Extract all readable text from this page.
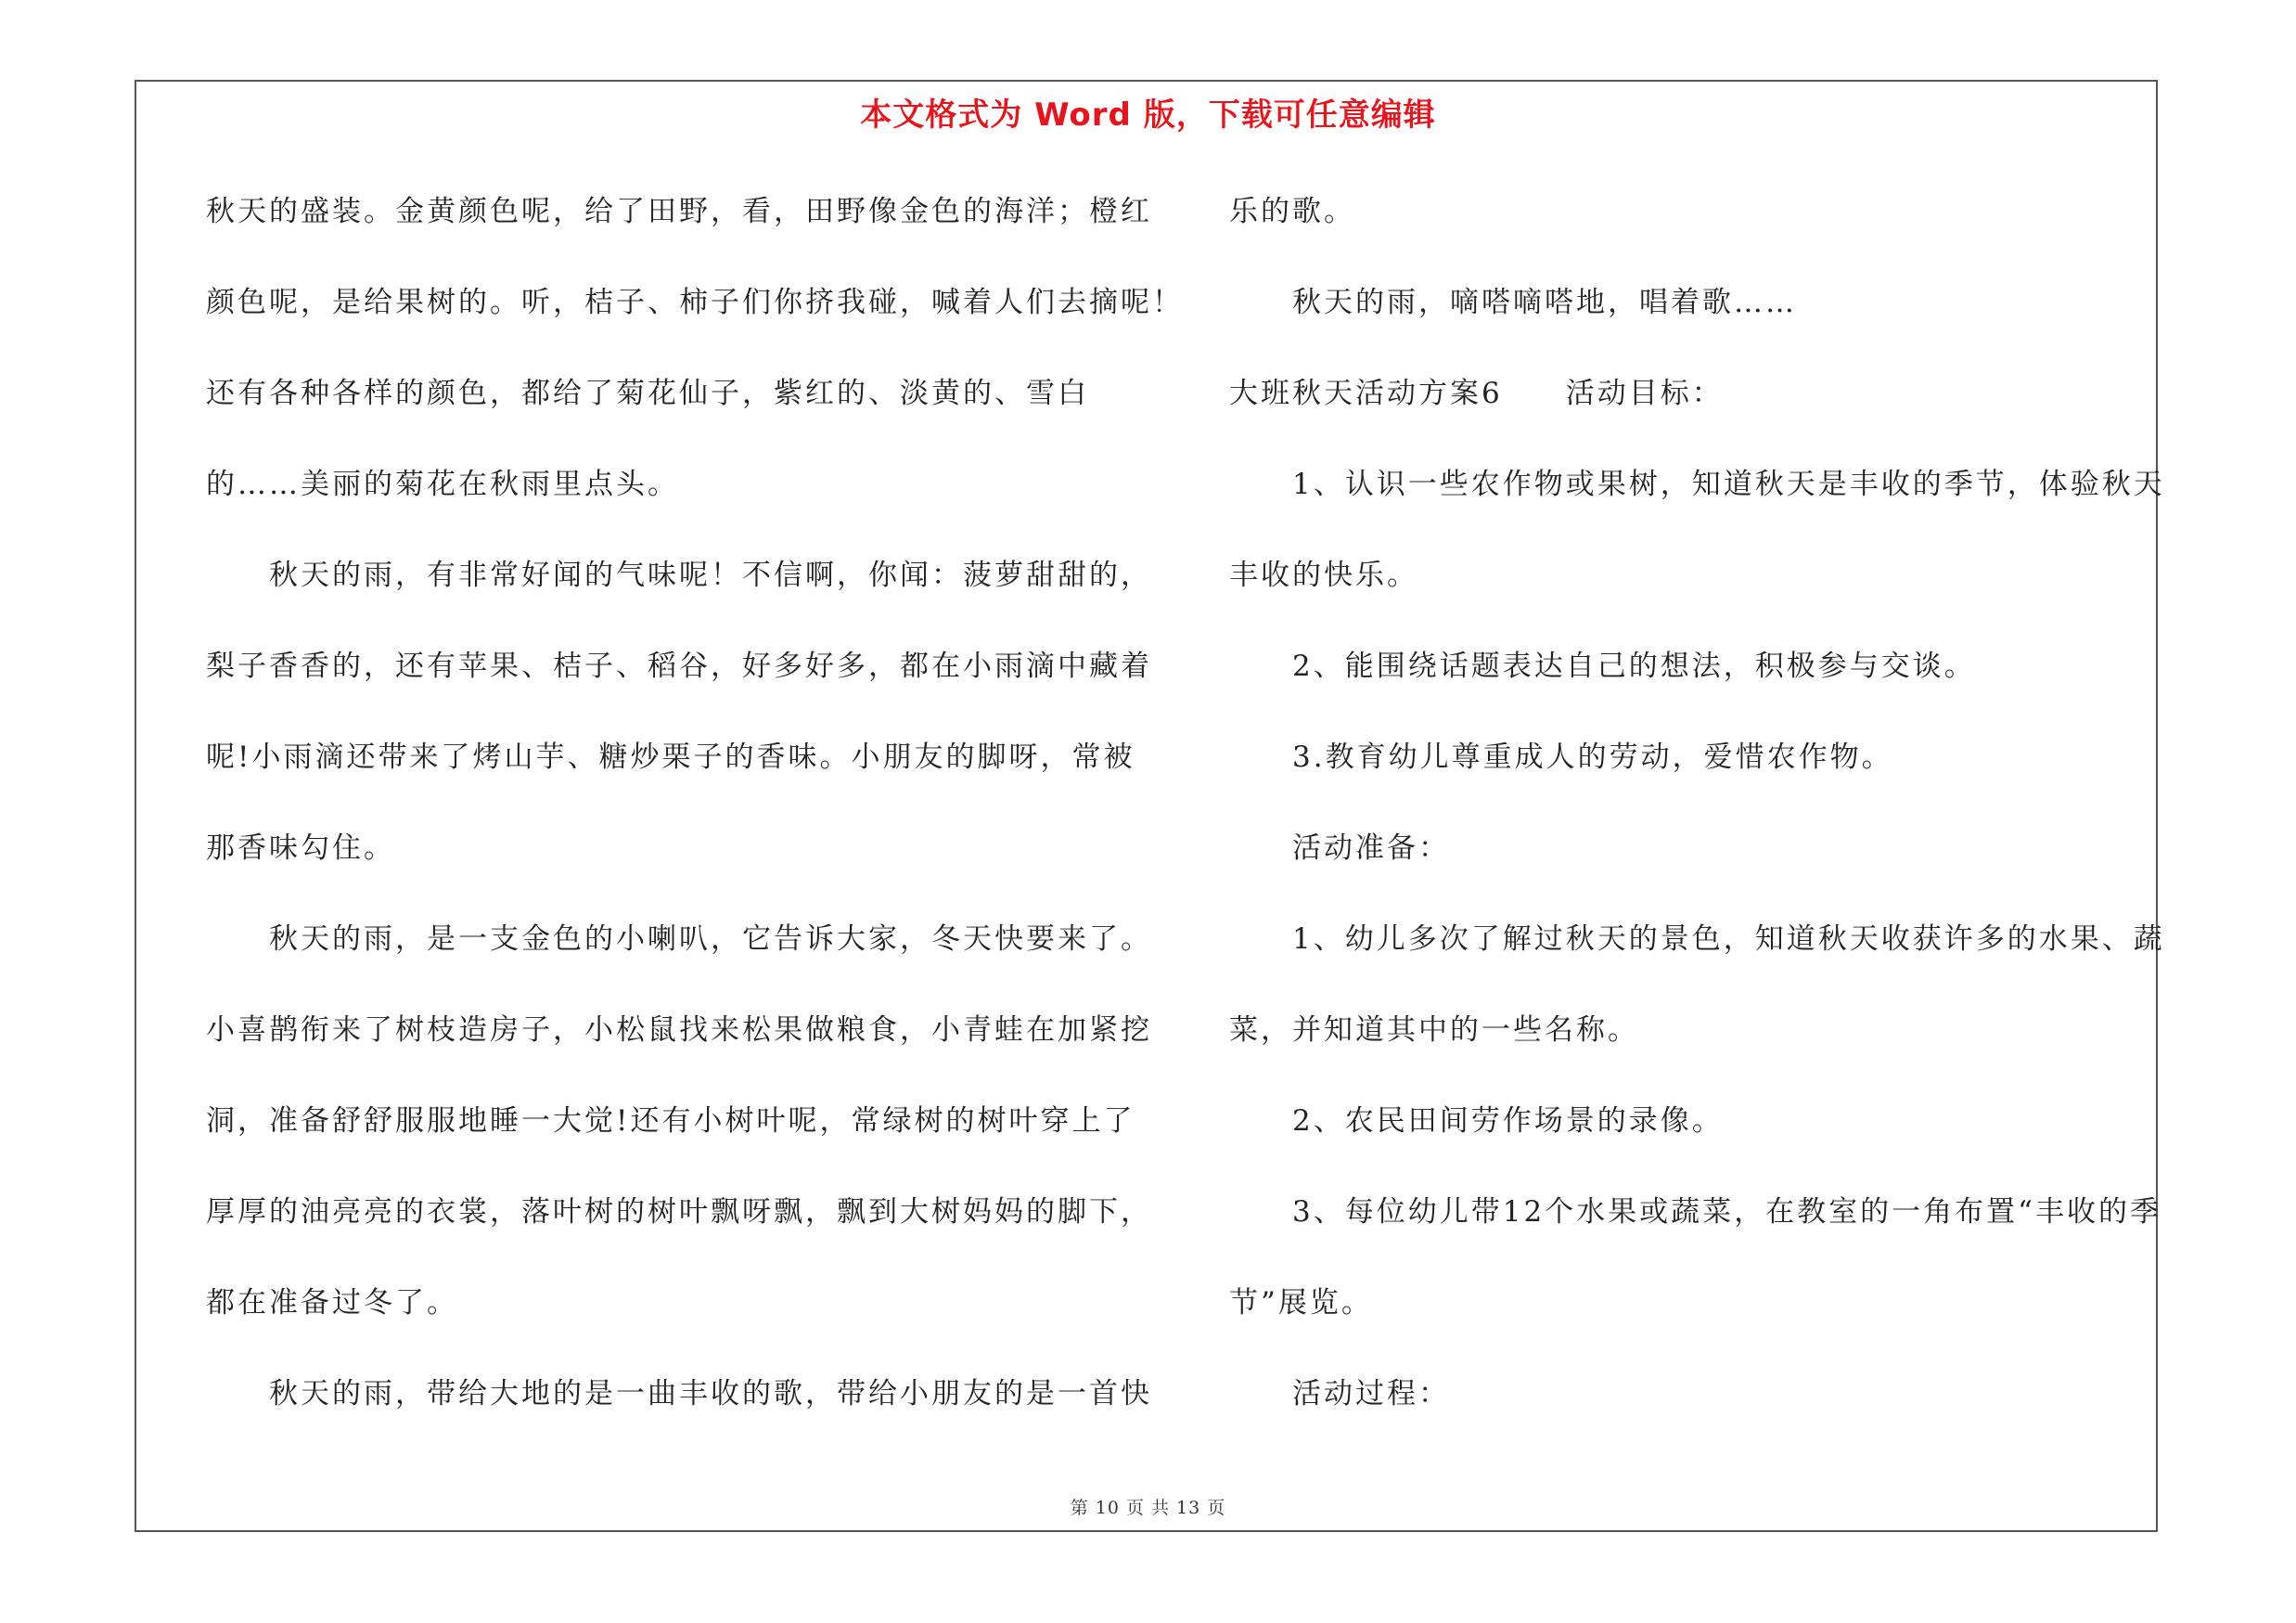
本文格式为 Word 版，下载可任意编辑
秋天的盛装。金黄颜色呢，给了田野，看，田野像金色的海洋；橙红
颜色呢，是给果树的。听，桔子、柿子们你挤我碰，喊着人们去摘呢！
还有各种各样的颜色，都给了菊花仙子，紫红的、淡黄的、雪白
的……美丽的菊花在秋雨里点头。
秋天的雨，有非常好闻的气味呢！不信啊，你闻：菠萝甜甜的，
梨子香香的，还有苹果、桔子、稻谷，好多好多，都在小雨滴中藏着
呢!小雨滴还带来了烤山芋、糖炒栗子的香味。小朋友的脚呀，常被
那香味勾住。
秋天的雨，是一支金色的小喇叭，它告诉大家，冬天快要来了。
小喜鹊衔来了树枝造房子，小松鼠找来松果做粮食，小青蛙在加紧挖
洞，准备舒舒服服地睡一大觉!还有小树叶呢，常绿树的树叶穿上了
厚厚的油亮亮的衣裳，落叶树的树叶飘呀飘，飘到大树妈妈的脚下，
都在准备过冬了。
秋天的雨，带给大地的是一曲丰收的歌，带给小朋友的是一首快
乐的歌。
秋天的雨，嘀嗒嘀嗒地，唱着歌……
大班秋天活动方案6　　活动目标：
1、认识一些农作物或果树，知道秋天是丰收的季节，体验秋天
丰收的快乐。
2、能围绕话题表达自己的想法，积极参与交谈。
3.教育幼儿尊重成人的劳动，爱惜农作物。
活动准备：
1、幼儿多次了解过秋天的景色，知道秋天收获许多的水果、蔬
菜，并知道其中的一些名称。
2、农民田间劳作场景的录像。
3、每位幼儿带12个水果或蔬菜，在教室的一角布置“丰收的季
节”展览。
活动过程：
第 10 页 共 13 页
